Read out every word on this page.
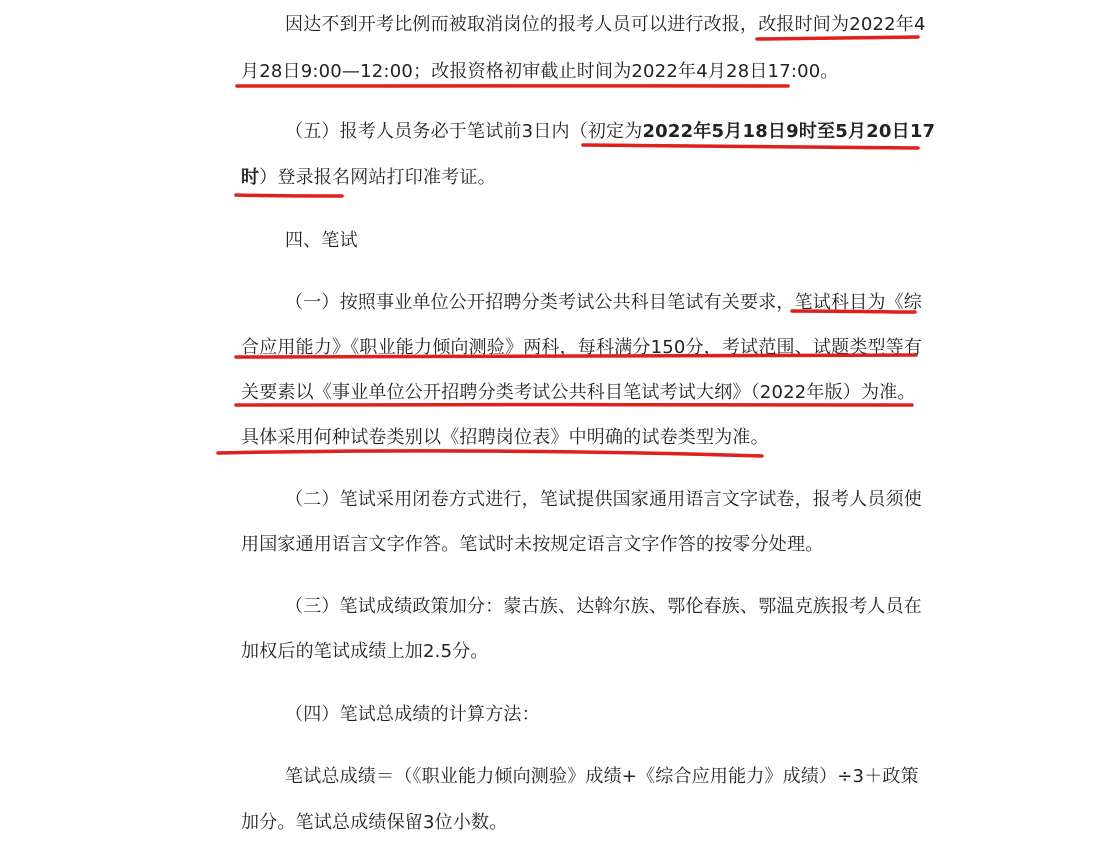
因达不到开考比例而被取消岗位的报考人员可以进行改报，改报时间为2022年4
月28日9:00—12:00；改报资格初审截止时间为2022年4月28日17:00。
（五）报考人员务必于笔试前3日内（初定为2022年5月18日9时至5月20日17
时）登录报名网站打印准考证。
四、笔试
（一）按照事业单位公开招聘分类考试公共科目笔试有关要求，笔试科目为《综
合应用能力》《职业能力倾向测验》两科，每科满分150分，考试范围、试题类型等有
关要素以《事业单位公开招聘分类考试公共科目笔试考试大纲》（2022年版）为准。
具体采用何种试卷类别以《招聘岗位表》中明确的试卷类型为准。
（二）笔试采用闭卷方式进行，笔试提供国家通用语言文字试卷，报考人员须使
用国家通用语言文字作答。笔试时未按规定语言文字作答的按零分处理。
（三）笔试成绩政策加分：蒙古族、达斡尔族、鄂伦春族、鄂温克族报考人员在
加权后的笔试成绩上加2.5分。
（四）笔试总成绩的计算方法：
笔试总成绩＝（《职业能力倾向测验》成绩+《综合应用能力》成绩）÷3＋政策
加分。笔试总成绩保留3位小数。
